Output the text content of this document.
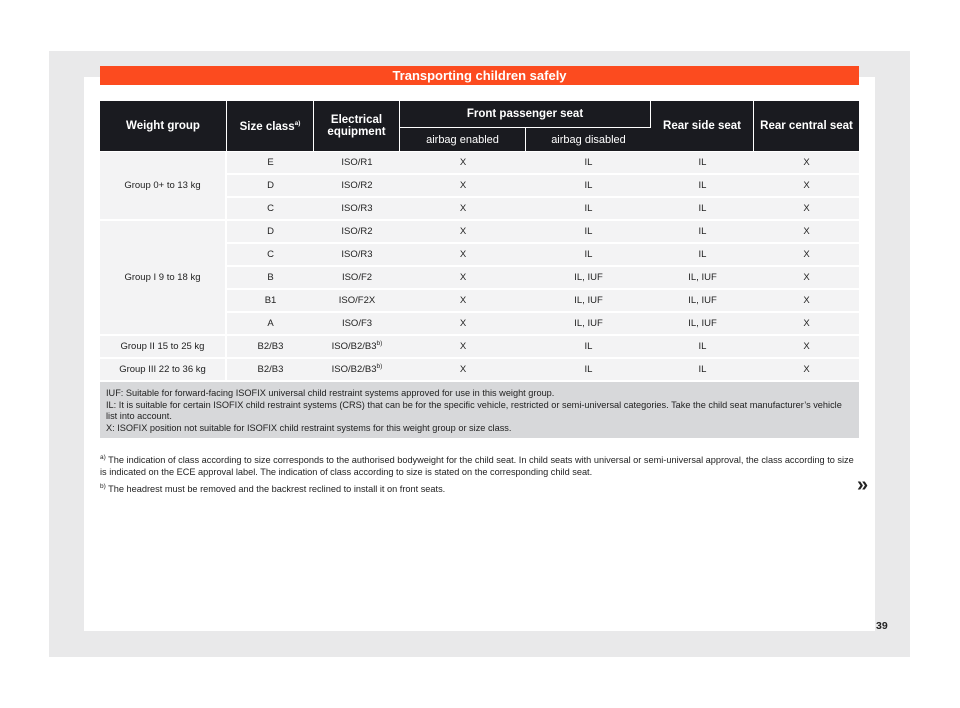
Transporting children safely
Weight group	Size class$^{a)}$	Electrical equipment	Front passenger seat		Rear side seat	Rear central seat
			airbag enabled	airbag disabled		
Group 0+ to 13 kg	E	ISO/R1	X	IL	IL	X
	D	ISO/R2	X	IL	IL	X
	C	ISO/R3	X	IL	IL	X
Group I 9 to 18 kg	D	ISO/R2	X	IL	IL	X
	C	ISO/R3	X	IL	IL	X
	B	ISO/F2	X	IL, IUF	IL, IUF	X
	B1	ISO/F2X	X	IL, IUF	IL, IUF	X
	A	ISO/F3	X	IL, IUF	IL, IUF	X
Group II 15 to 25 kg	B2/B3	ISO/B2/B3$^{b)}$	X	IL	IL	X
Group III 22 to 36 kg	B2/B3	ISO/B2/B3$^{b)}$	X	IL	IL	X

IUF: Suitable for forward-facing ISOFIX universal child restraint systems approved for use in this weight group.
IL: It is suitable for certain ISOFIX child restraint systems (CRS) that can be for the specific vehicle, restricted or semi-universal categories. Take the child seat manufacturer’s vehicle list into account.
X: ISOFIX position not suitable for ISOFIX child restraint systems for this weight group or size class.						
$^{a)}$ The indication of class according to size corresponds to the authorised bodyweight for the child seat. In child seats with universal or semi-universal approval, the class according to size is indicated on the ECE approval label. The indication of class according to size is stated on the corresponding child seat.
$^{b)}$ The headrest must be removed and the backrest reclined to install it on front seats.	»
39
